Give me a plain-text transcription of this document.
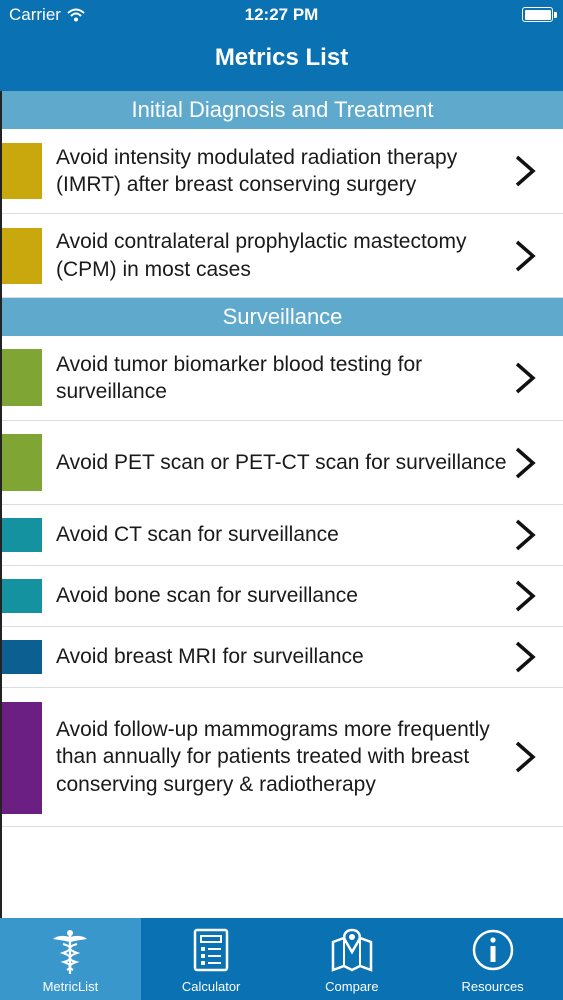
Carrier	12:27 PM
Metrics List
Initial Diagnosis and Treatment
Avoid intensity modulated radiation therapy (IMRT) after breast conserving surgery
Avoid contralateral prophylactic mastectomy (CPM) in most cases
Surveillance
Avoid tumor biomarker blood testing for surveillance
Avoid PET scan or PET-CT scan for surveillance
Avoid CT scan for surveillance
Avoid bone scan for surveillance
Avoid breast MRI for surveillance
Avoid follow-up mammograms more frequently than annually for patients treated with breast conserving surgery & radiotherapy
MetricList	Calculator	Compare	Resources
